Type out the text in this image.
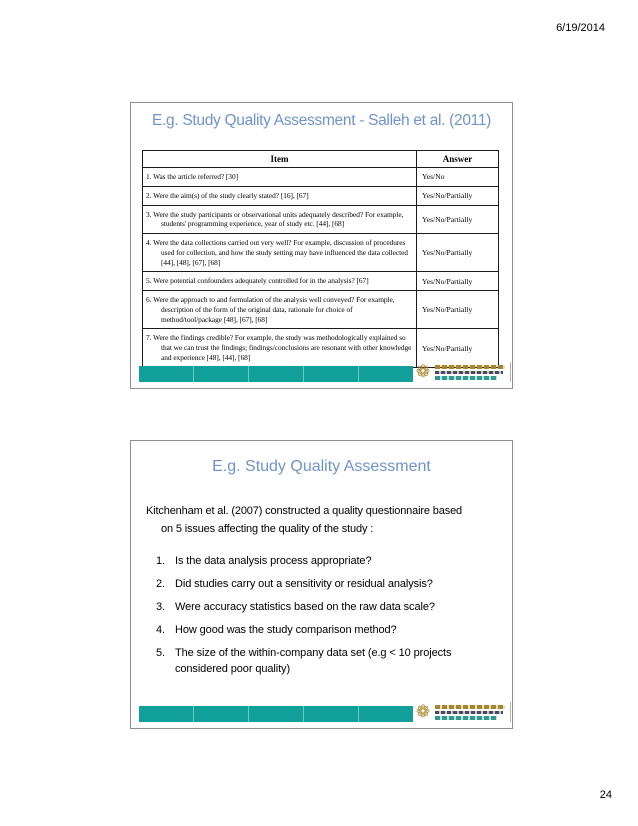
6/19/2014
E.g. Study Quality Assessment - Salleh et al. (2011)
Item	Answer
1. Was the article referred? [30]	Yes/No
2. Were the aim(s) of the study clearly stated? [16], [67]	Yes/No/Partially
3. Were the study participants or observational units adequately described? For example, students' programming experience, year of study etc. [44], [68]	Yes/No/Partially
4. Were the data collections carried out very well? For example, discussion of procedures used for collection, and how the study setting may have influenced the data collected [44], [48], [67], [68]	Yes/No/Partially
5. Were potential confounders adequately controlled for in the analysis? [67]	Yes/No/Partially
6. Were the approach to and formulation of the analysis well conveyed? For example, description of the form of the original data, rationale for choice of method/tool/package [48], [67], [68]	Yes/No/Partially
7. Were the findings credible? For example, the study was methodologically explained so that we can trust the findings; findings/conclusions are resonant with other knowledge and experience [48], [44], [68]	Yes/No/Partially
❁
E.g. Study Quality Assessment
Kitchenham et al. (2007) constructed a quality questionnaire based
on 5 issues affecting the quality of the study :
1. Is the data analysis process appropriate?
2. Did studies carry out a sensitivity or residual analysis?
3. Were accuracy statistics based on the raw data scale?
4. How good was the study comparison method?
5. The size of the within-company data set (e.g < 10 projects considered poor quality)
❁
24
